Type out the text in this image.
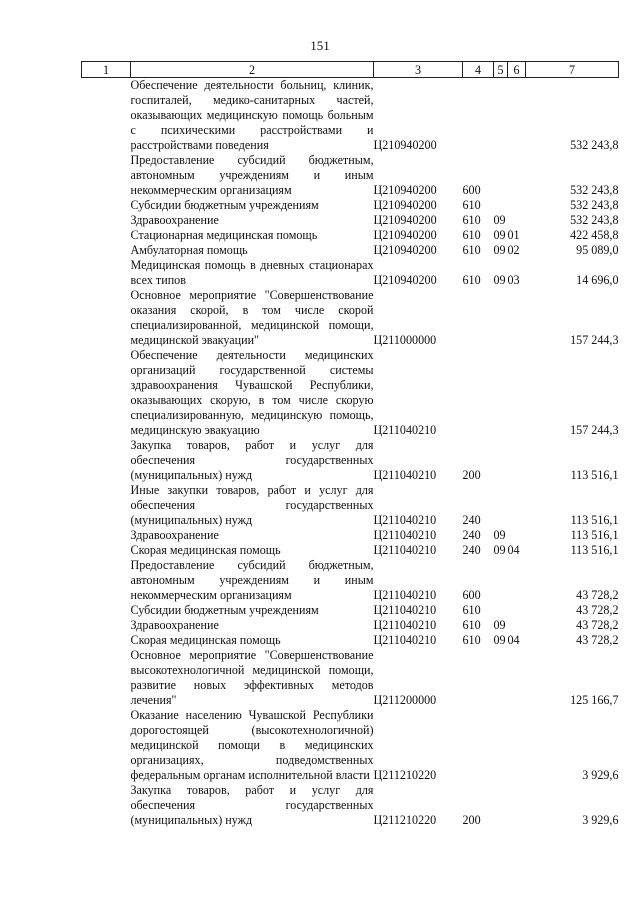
151
1	2	3	4	5	6	7
	Обеспечение деятельности больниц, клиник, госпиталей, медико-санитарных частей, оказывающих медицинскую помощь больным с психическими расстройствами и расстройствами поведения	Ц210940200				532 243,8
	Предоставление субсидий бюджетным, автономным учреждениям и иным некоммерческим организациям	Ц210940200	600			532 243,8
	Субсидии бюджетным учреждениям	Ц210940200	610			532 243,8
	Здравоохранение	Ц210940200	610	09		532 243,8
	Стационарная медицинская помощь	Ц210940200	610	09	01	422 458,8
	Амбулаторная помощь	Ц210940200	610	09	02	95 089,0
	Медицинская помощь в дневных стационарах всех типов	Ц210940200	610	09	03	14 696,0
	Основное мероприятие "Совершенствование оказания скорой, в том числе скорой специализированной, медицинской помощи, медицинской эвакуации"	Ц211000000				157 244,3
	Обеспечение деятельности медицинских организаций государственной системы здравоохранения Чувашской Республики, оказывающих скорую, в том числе скорую специализированную, медицинскую помощь, медицинскую эвакуацию	Ц211040210				157 244,3
	Закупка товаров, работ и услуг для обеспечения государственных (муниципальных) нужд	Ц211040210	200			113 516,1
	Иные закупки товаров, работ и услуг для обеспечения государственных (муниципальных) нужд	Ц211040210	240			113 516,1
	Здравоохранение	Ц211040210	240	09		113 516,1
	Скорая медицинская помощь	Ц211040210	240	09	04	113 516,1
	Предоставление субсидий бюджетным, автономным учреждениям и иным некоммерческим организациям	Ц211040210	600			43 728,2
	Субсидии бюджетным учреждениям	Ц211040210	610			43 728,2
	Здравоохранение	Ц211040210	610	09		43 728,2
	Скорая медицинская помощь	Ц211040210	610	09	04	43 728,2
	Основное мероприятие "Совершенствование высокотехнологичной медицинской помощи, развитие новых эффективных методов лечения"	Ц211200000				125 166,7
	Оказание населению Чувашской Республики дорогостоящей (высокотехнологичной) медицинской помощи в медицинских организациях, подведомственных федеральным органам исполнительной власти	Ц211210220				3 929,6
	Закупка товаров, работ и услуг для обеспечения государственных (муниципальных) нужд	Ц211210220	200			3 929,6
